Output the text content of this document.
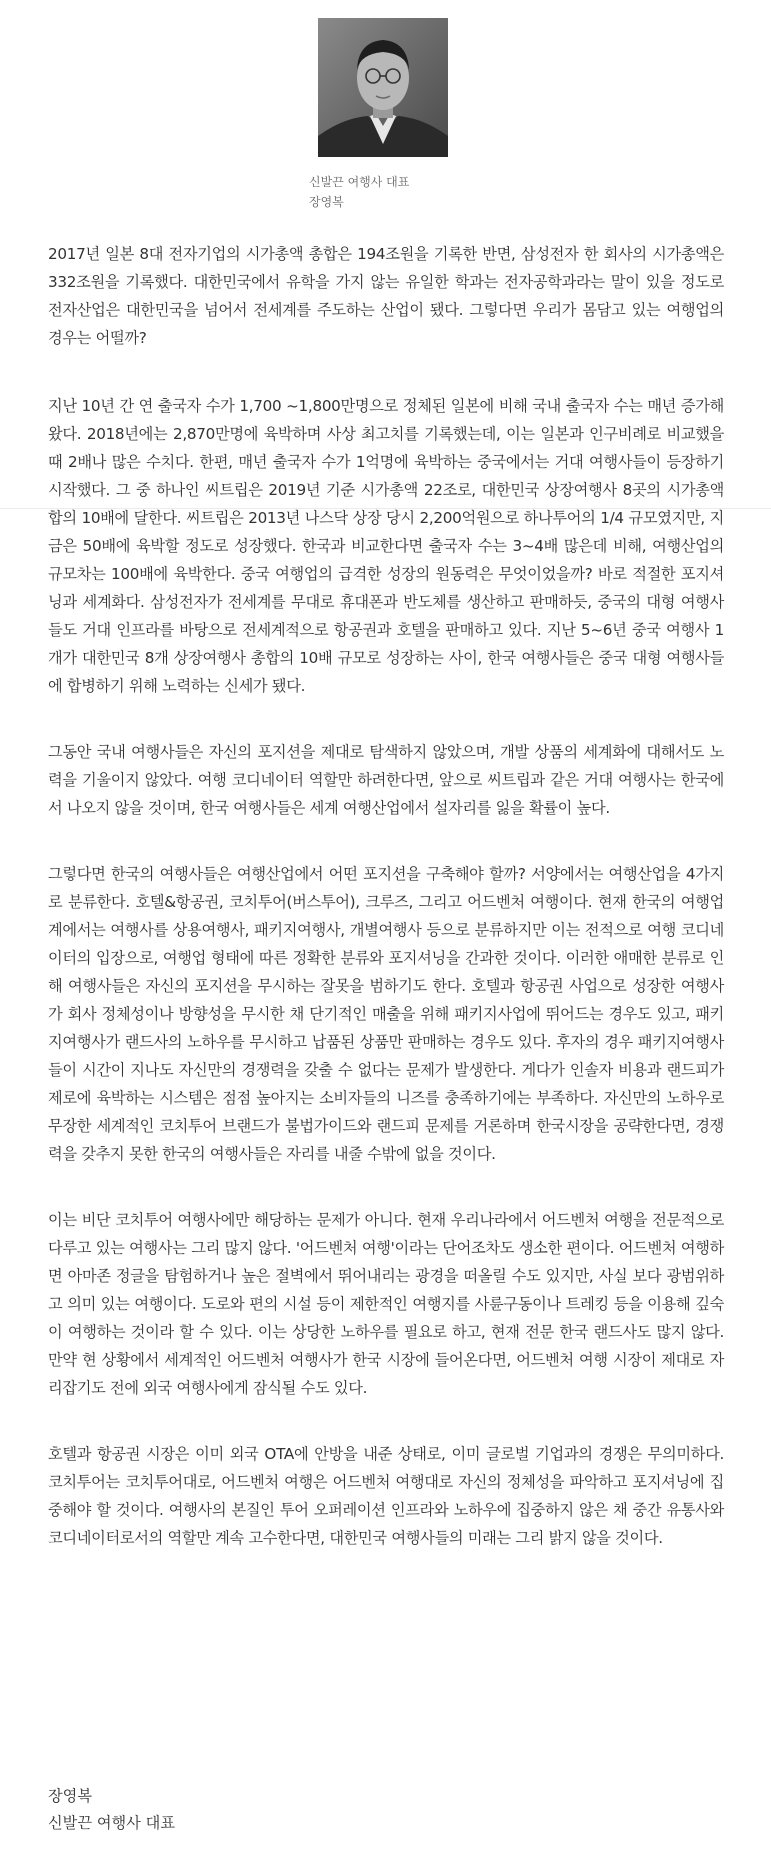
신발끈 여행사 대표
장영복

2017년 일본 8대 전자기업의 시가총액 총합은 194조원을 기록한 반면, 삼성전자 한 회사의 시가총액은 332조원을 기록했다. 대한민국에서 유학을 가지 않는 유일한 학과는 전자공학과라는 말이 있을 정도로 전자산업은 대한민국을 넘어서 전세계를 주도하는 산업이 됐다. 그렇다면 우리가 몸담고 있는 여행업의 경우는 어떨까?

지난 10년 간 연 출국자 수가 1,700 ~1,800만명으로 정체된 일본에 비해 국내 출국자 수는 매년 증가해왔다. 2018년에는 2,870만명에 육박하며 사상 최고치를 기록했는데, 이는 일본과 인구비례로 비교했을 때 2배나 많은 수치다. 한편, 매년 출국자 수가 1억명에 육박하는 중국에서는 거대 여행사들이 등장하기 시작했다. 그 중 하나인 씨트립은 2019년 기준 시가총액 22조로, 대한민국 상장여행사 8곳의 시가총액 합의 10배에 달한다. 씨트립은 2013년 나스닥 상장 당시 2,200억원으로 하나투어의 1/4 규모였지만, 지금은 50배에 육박할 정도로 성장했다. 한국과 비교한다면 출국자 수는 3~4배 많은데 비해, 여행산업의 규모차는 100배에 육박한다. 중국 여행업의 급격한 성장의 원동력은 무엇이었을까? 바로 적절한 포지셔닝과 세계화다. 삼성전자가 전세계를 무대로 휴대폰과 반도체를 생산하고 판매하듯, 중국의 대형 여행사들도 거대 인프라를 바탕으로 전세계적으로 항공권과 호텔을 판매하고 있다. 지난 5~6년 중국 여행사 1개가 대한민국 8개 상장여행사 총합의 10배 규모로 성장하는 사이, 한국 여행사들은 중국 대형 여행사들에 합병하기 위해 노력하는 신세가 됐다.

그동안 국내 여행사들은 자신의 포지션을 제대로 탐색하지 않았으며, 개발 상품의 세계화에 대해서도 노력을 기울이지 않았다. 여행 코디네이터 역할만 하려한다면, 앞으로 씨트립과 같은 거대 여행사는 한국에서 나오지 않을 것이며, 한국 여행사들은 세계 여행산업에서 설자리를 잃을 확률이 높다.

그렇다면 한국의 여행사들은 여행산업에서 어떤 포지션을 구축해야 할까? 서양에서는 여행산업을 4가지로 분류한다. 호텔&항공권, 코치투어(버스투어), 크루즈, 그리고 어드벤처 여행이다. 현재 한국의 여행업계에서는 여행사를 상용여행사, 패키지여행사, 개별여행사 등으로 분류하지만 이는 전적으로 여행 코디네이터의 입장으로, 여행업 형태에 따른 정확한 분류와 포지셔닝을 간과한 것이다. 이러한 애매한 분류로 인해 여행사들은 자신의 포지션을 무시하는 잘못을 범하기도 한다. 호텔과 항공권 사업으로 성장한 여행사가 회사 정체성이나 방향성을 무시한 채 단기적인 매출을 위해 패키지사업에 뛰어드는 경우도 있고, 패키지여행사가 랜드사의 노하우를 무시하고 납품된 상품만 판매하는 경우도 있다. 후자의 경우 패키지여행사들이 시간이 지나도 자신만의 경쟁력을 갖출 수 없다는 문제가 발생한다. 게다가 인솔자 비용과 랜드피가 제로에 육박하는 시스템은 점점 높아지는 소비자들의 니즈를 충족하기에는 부족하다. 자신만의 노하우로 무장한 세계적인 코치투어 브랜드가 불법가이드와 랜드피 문제를 거론하며 한국시장을 공략한다면, 경쟁력을 갖추지 못한 한국의 여행사들은 자리를 내줄 수밖에 없을 것이다.

이는 비단 코치투어 여행사에만 해당하는 문제가 아니다. 현재 우리나라에서 어드벤처 여행을 전문적으로 다루고 있는 여행사는 그리 많지 않다. '어드벤처 여행'이라는 단어조차도 생소한 편이다. 어드벤처 여행하면 아마존 정글을 탐험하거나 높은 절벽에서 뛰어내리는 광경을 떠올릴 수도 있지만, 사실 보다 광범위하고 의미 있는 여행이다. 도로와 편의 시설 등이 제한적인 여행지를 사륜구동이나 트레킹 등을 이용해 깊숙이 여행하는 것이라 할 수 있다. 이는 상당한 노하우를 필요로 하고, 현재 전문 한국 랜드사도 많지 않다. 만약 현 상황에서 세계적인 어드벤처 여행사가 한국 시장에 들어온다면, 어드벤처 여행 시장이 제대로 자리잡기도 전에 외국 여행사에게 잠식될 수도 있다.

호텔과 항공권 시장은 이미 외국 OTA에 안방을 내준 상태로, 이미 글로벌 기업과의 경쟁은 무의미하다. 코치투어는 코치투어대로, 어드벤처 여행은 어드벤처 여행대로 자신의 정체성을 파악하고 포지셔닝에 집중해야 할 것이다. 여행사의 본질인 투어 오퍼레이션 인프라와 노하우에 집중하지 않은 채 중간 유통사와 코디네이터로서의 역할만 계속 고수한다면, 대한민국 여행사들의 미래는 그리 밝지 않을 것이다.

장영복
신발끈 여행사 대표
